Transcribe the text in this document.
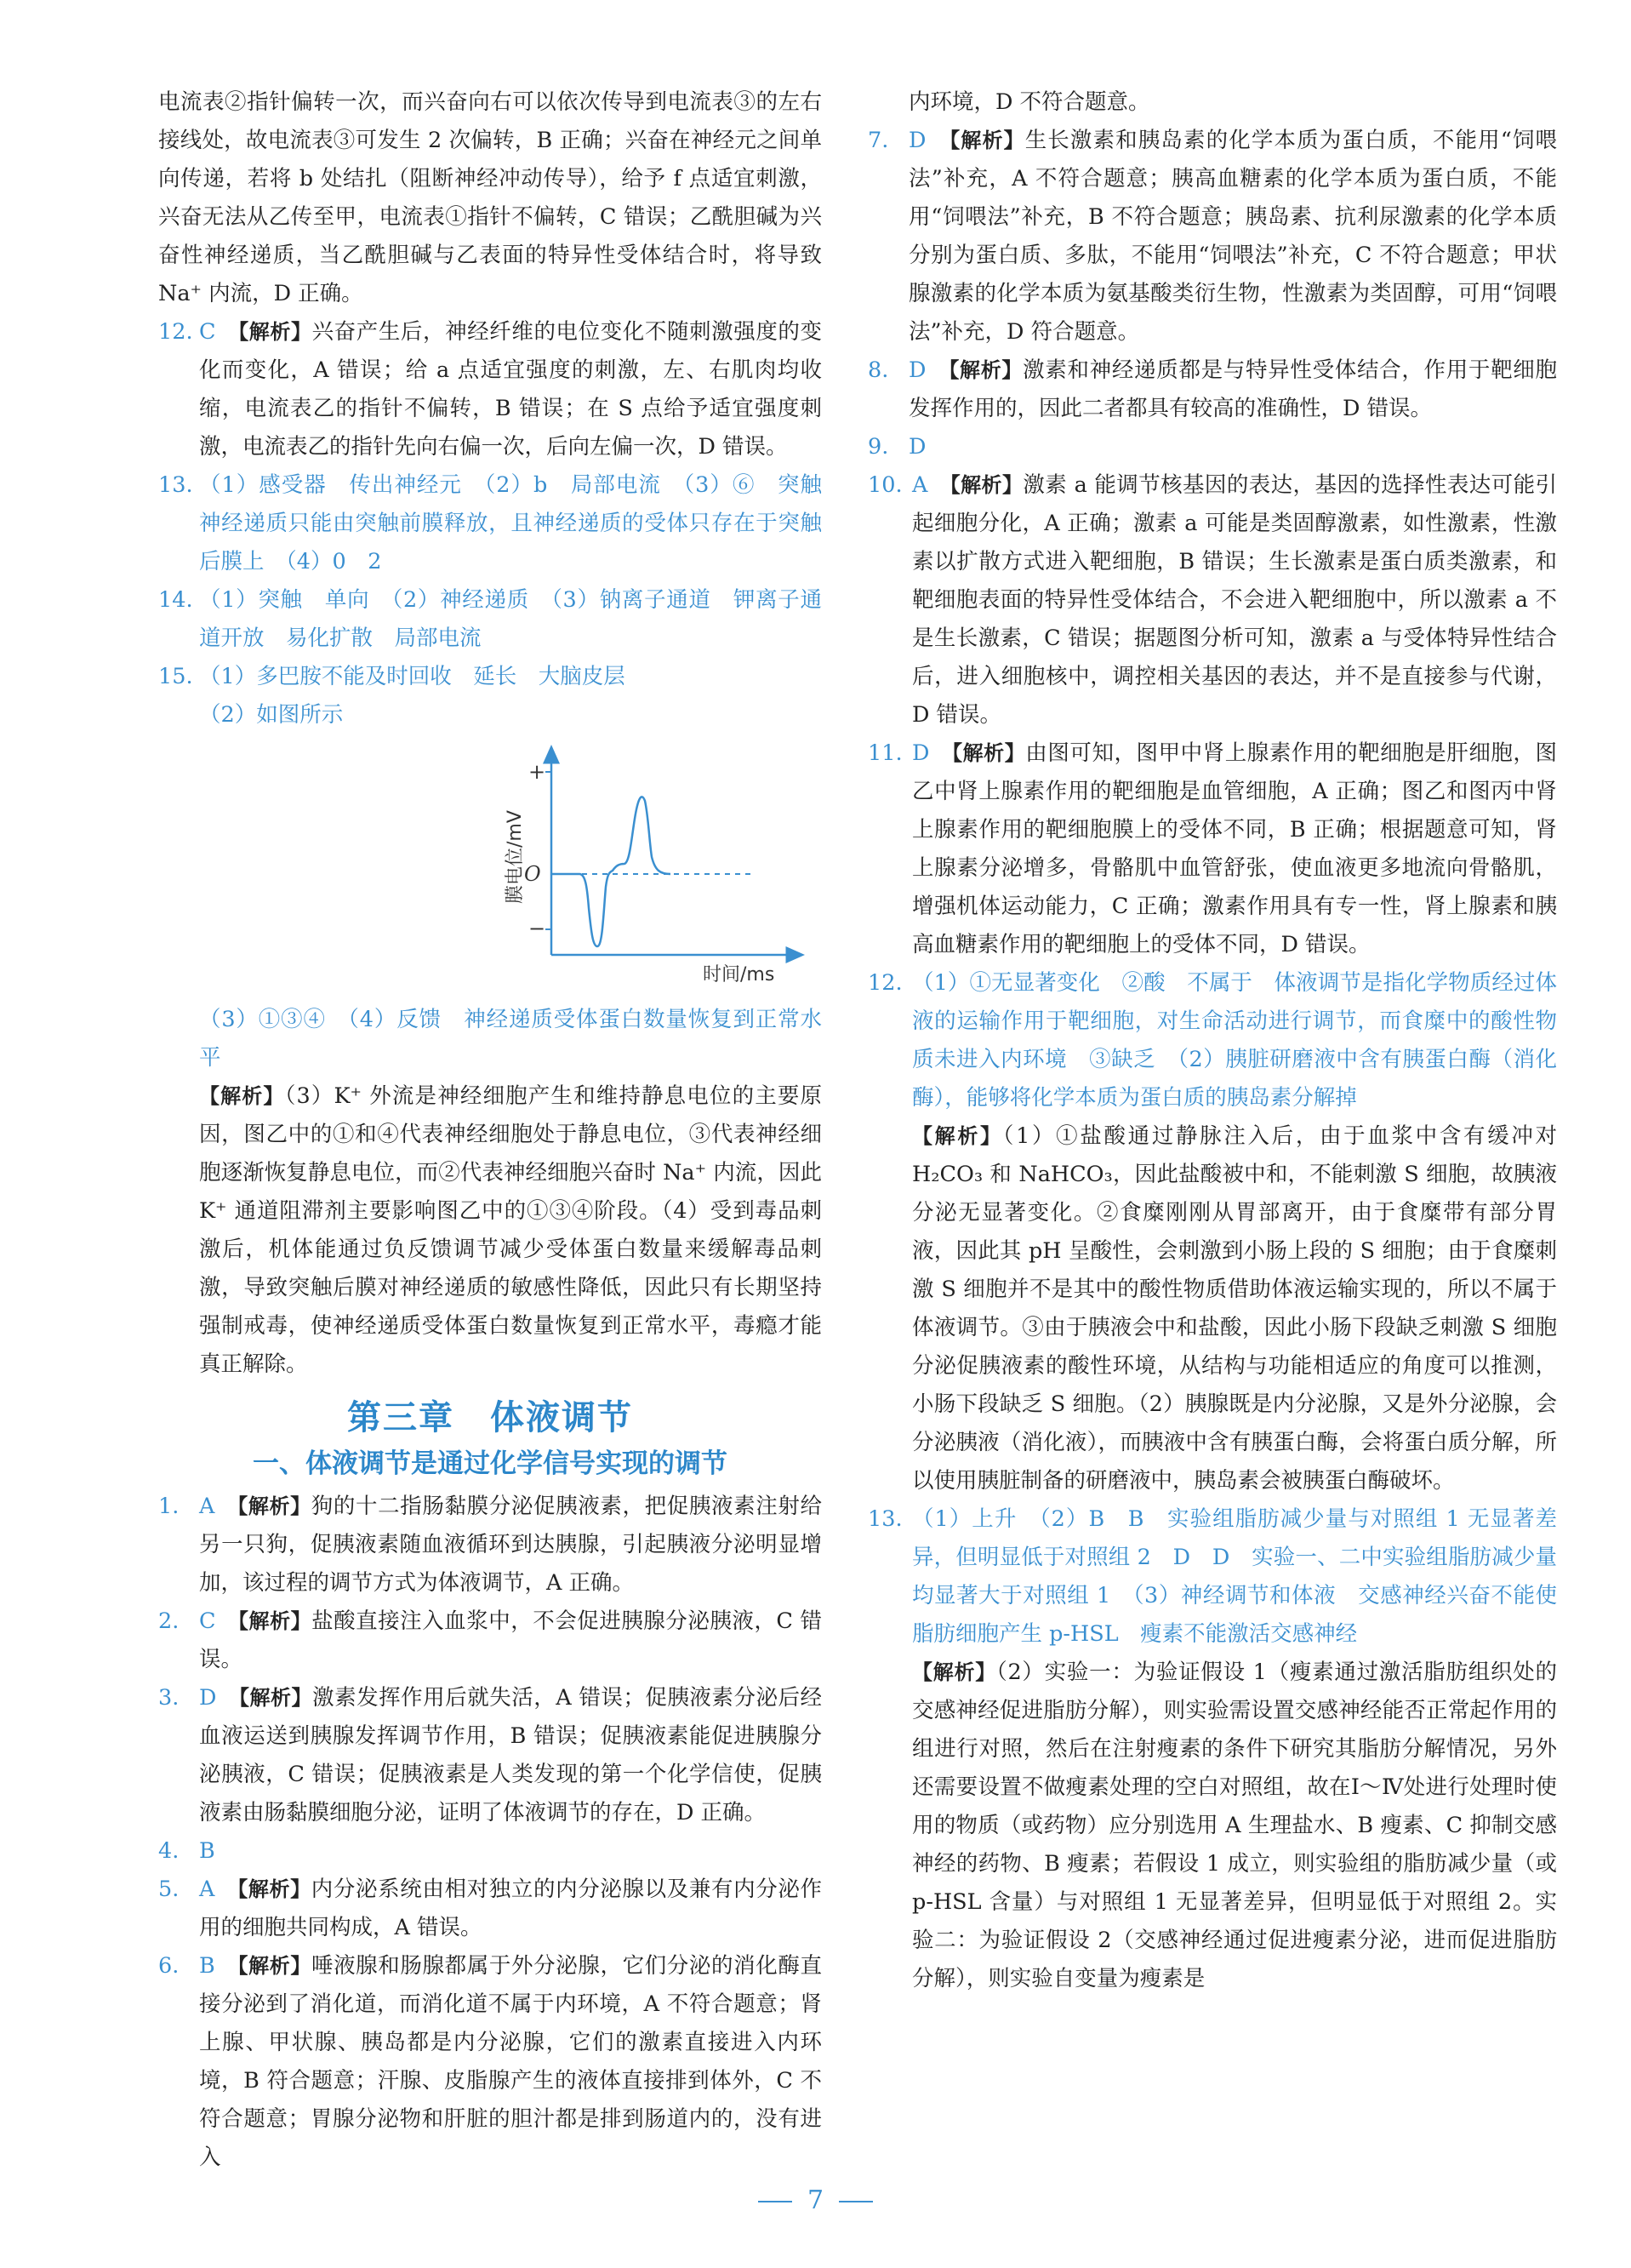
电流表②指针偏转一次，而兴奋向右可以依次传导到电流表③的左右接线处，故电流表③可发生 2 次偏转，B 正确；兴奋在神经元之间单向传递，若将 b 处结扎（阻断神经冲动传导），给予 f 点适宜刺激，兴奋无法从乙传至甲，电流表①指针不偏转，C 错误；乙酰胆碱为兴奋性神经递质，当乙酰胆碱与乙表面的特异性受体结合时，将导致 Na⁺ 内流，D 正确。

12. C　 【解析】兴奋产生后，神经纤维的电位变化不随刺激强度的变化而变化，A 错误；给 a 点适宜强度的刺激，左、右肌肉均收缩，电流表乙的指针不偏转，B 错误；在 S 点给予适宜强度刺激，电流表乙的指针先向右偏一次，后向左偏一次，D 错误。

13. （1）感受器　传出神经元　（2）b　局部电流　（3）⑥　突触　神经递质只能由突触前膜释放，且神经递质的受体只存在于突触后膜上　（4）0　2

14. （1）突触　单向　（2）神经递质　（3）钠离子通道　钾离子通道开放　易化扩散　局部电流

15. （1）多巴胺不能及时回收　延长　大脑皮层

（2）如图所示

+
−
O
膜电位/mV
时间/ms

（3）①③④　（4）反馈　神经递质受体蛋白数量恢复到正常水平

【解析】（3）K⁺ 外流是神经细胞产生和维持静息电位的主要原因，图乙中的①和④代表神经细胞处于静息电位，③代表神经细胞逐渐恢复静息电位，而②代表神经细胞兴奋时 Na⁺ 内流，因此 K⁺ 通道阻滞剂主要影响图乙中的①③④阶段。（4）受到毒品刺激后，机体能通过负反馈调节减少受体蛋白数量来缓解毒品刺激，导致突触后膜对神经递质的敏感性降低，因此只有长期坚持强制戒毒，使神经递质受体蛋白数量恢复到正常水平，毒瘾才能真正解除。

第三章　体液调节
一、体液调节是通过化学信号实现的调节

1. A　 【解析】狗的十二指肠黏膜分泌促胰液素，把促胰液素注射给另一只狗，促胰液素随血液循环到达胰腺，引起胰液分泌明显增加，该过程的调节方式为体液调节，A 正确。

2. C　 【解析】盐酸直接注入血浆中，不会促进胰腺分泌胰液，C 错误。

3. D　 【解析】激素发挥作用后就失活，A 错误；促胰液素分泌后经血液运送到胰腺发挥调节作用，B 错误；促胰液素能促进胰腺分泌胰液，C 错误；促胰液素是人类发现的第一个化学信使，促胰液素由肠黏膜细胞分泌，证明了体液调节的存在，D 正确。

4. B

5. A　 【解析】内分泌系统由相对独立的内分泌腺以及兼有内分泌作用的细胞共同构成，A 错误。

6. B　 【解析】唾液腺和肠腺都属于外分泌腺，它们分泌的消化酶直接分泌到了消化道，而消化道不属于内环境，A 不符合题意；肾上腺、甲状腺、胰岛都是内分泌腺，它们的激素直接进入内环境，B 符合题意；汗腺、皮脂腺产生的液体直接排到体外，C 不符合题意；胃腺分泌物和肝脏的胆汁都是排到肠道内的，没有进入

内环境，D 不符合题意。

7. D　 【解析】生长激素和胰岛素的化学本质为蛋白质，不能用“饲喂法”补充，A 不符合题意；胰高血糖素的化学本质为蛋白质，不能用“饲喂法”补充，B 不符合题意；胰岛素、抗利尿激素的化学本质分别为蛋白质、多肽，不能用“饲喂法”补充，C 不符合题意；甲状腺激素的化学本质为氨基酸类衍生物，性激素为类固醇，可用“饲喂法”补充，D 符合题意。

8. D　 【解析】激素和神经递质都是与特异性受体结合，作用于靶细胞发挥作用的，因此二者都具有较高的准确性，D 错误。

9. D

10. A　 【解析】激素 a 能调节核基因的表达，基因的选择性表达可能引起细胞分化，A 正确；激素 a 可能是类固醇激素，如性激素，性激素以扩散方式进入靶细胞，B 错误；生长激素是蛋白质类激素，和靶细胞表面的特异性受体结合，不会进入靶细胞中，所以激素 a 不是生长激素，C 错误；据题图分析可知，激素 a 与受体特异性结合后，进入细胞核中，调控相关基因的表达，并不是直接参与代谢，D 错误。

11. D　 【解析】由图可知，图甲中肾上腺素作用的靶细胞是肝细胞，图乙中肾上腺素作用的靶细胞是血管细胞，A 正确；图乙和图丙中肾上腺素作用的靶细胞膜上的受体不同，B 正确；根据题意可知，肾上腺素分泌增多，骨骼肌中血管舒张，使血液更多地流向骨骼肌，增强机体运动能力，C 正确；激素作用具有专一性，肾上腺素和胰高血糖素作用的靶细胞上的受体不同，D 错误。

12. （1）①无显著变化　②酸　不属于　体液调节是指化学物质经过体液的运输作用于靶细胞，对生命活动进行调节，而食糜中的酸性物质未进入内环境　③缺乏　（2）胰脏研磨液中含有胰蛋白酶（消化酶），能够将化学本质为蛋白质的胰岛素分解掉

【解析】（1）①盐酸通过静脉注入后，由于血浆中含有缓冲对 H₂CO₃ 和 NaHCO₃，因此盐酸被中和，不能刺激 S 细胞，故胰液分泌无显著变化。②食糜刚刚从胃部离开，由于食糜带有部分胃液，因此其 pH 呈酸性，会刺激到小肠上段的 S 细胞；由于食糜刺激 S 细胞并不是其中的酸性物质借助体液运输实现的，所以不属于体液调节。③由于胰液会中和盐酸，因此小肠下段缺乏刺激 S 细胞分泌促胰液素的酸性环境，从结构与功能相适应的角度可以推测，小肠下段缺乏 S 细胞。（2）胰腺既是内分泌腺，又是外分泌腺，会分泌胰液（消化液），而胰液中含有胰蛋白酶，会将蛋白质分解，所以使用胰脏制备的研磨液中，胰岛素会被胰蛋白酶破坏。

13. （1）上升　（2）B　B　实验组脂肪减少量与对照组 1 无显著差异，但明显低于对照组 2　D　D　实验一、二中实验组脂肪减少量均显著大于对照组 1　（3）神经调节和体液　交感神经兴奋不能使脂肪细胞产生 p-HSL　瘦素不能激活交感神经

【解析】（2）实验一：为验证假设 1（瘦素通过激活脂肪组织处的交感神经促进脂肪分解），则实验需设置交感神经能否正常起作用的组进行对照，然后在注射瘦素的条件下研究其脂肪分解情况，另外还需要设置不做瘦素处理的空白对照组，故在Ⅰ～Ⅳ处进行处理时使用的物质（或药物）应分别选用 A 生理盐水、B 瘦素、C 抑制交感神经的药物、B 瘦素；若假设 1 成立，则实验组的脂肪减少量（或 p-HSL 含量）与对照组 1 无显著差异，但明显低于对照组 2。实验二：为验证假设 2（交感神经通过促进瘦素分泌，进而促进脂肪分解），则实验自变量为瘦素是

7
